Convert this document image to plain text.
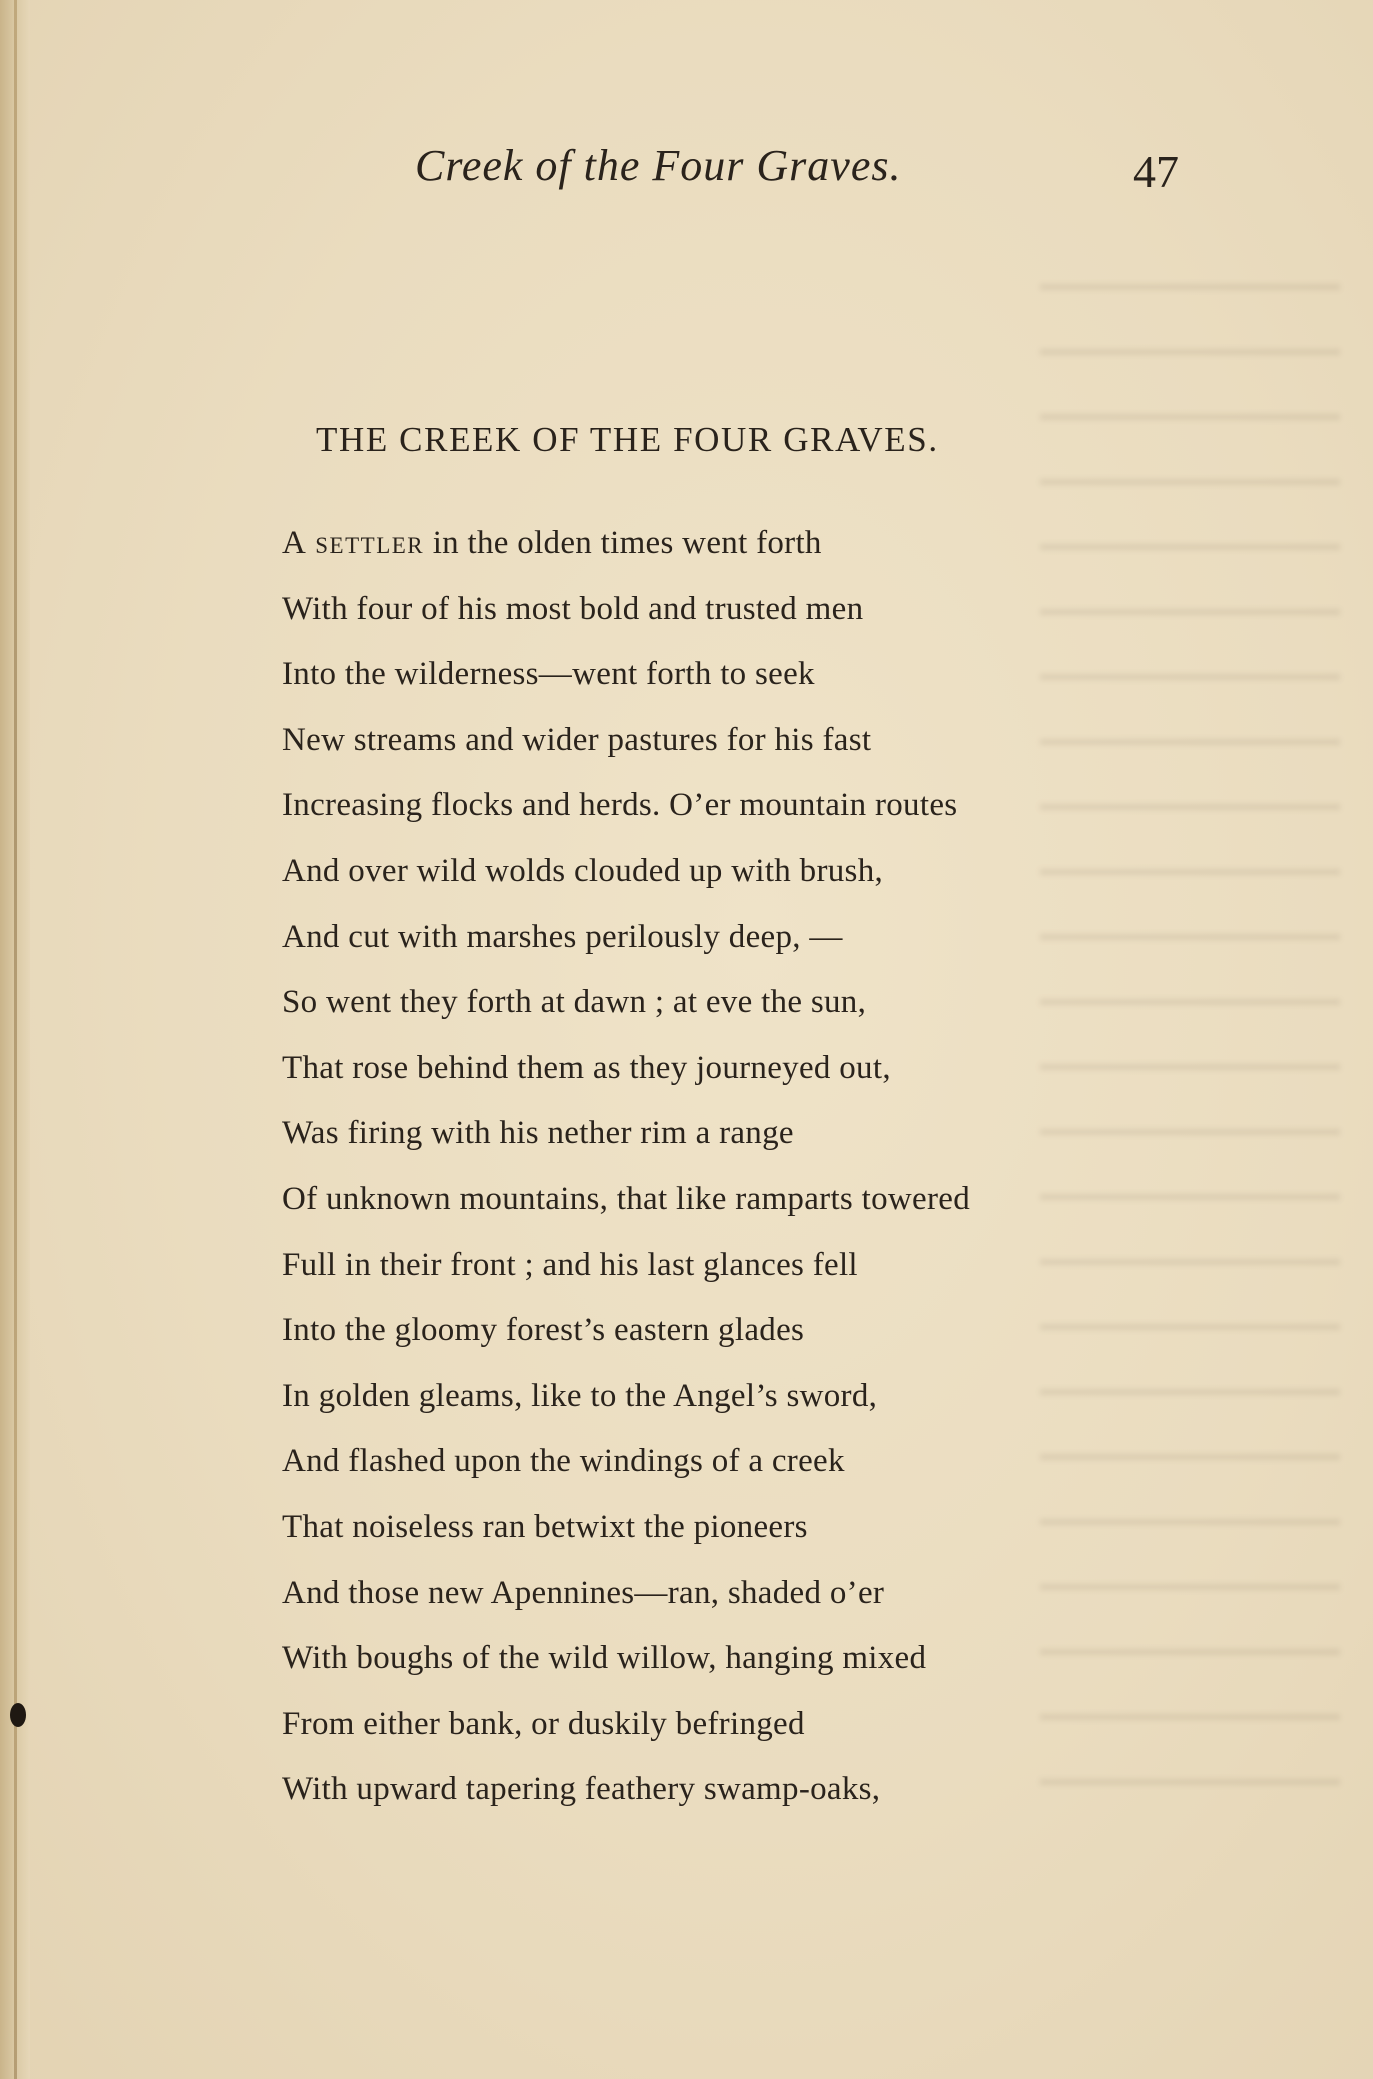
Creek of the Four Graves.	47
THE CREEK OF THE FOUR GRAVES.
A settler in the olden times went forth
With four of his most bold and trusted men
Into the wilderness—went forth to seek
New streams and wider pastures for his fast
Increasing flocks and herds. O’er mountain routes
And over wild wolds clouded up with brush,
And cut with marshes perilously deep, —
So went they forth at dawn ; at eve the sun,
That rose behind them as they journeyed out,
Was firing with his nether rim a range
Of unknown mountains, that like ramparts towered
Full in their front ; and his last glances fell
Into the gloomy forest’s eastern glades
In golden gleams, like to the Angel’s sword,
And flashed upon the windings of a creek
That noiseless ran betwixt the pioneers
And those new Apennines—ran, shaded o’er
With boughs of the wild willow, hanging mixed
From either bank, or duskily befringed
With upward tapering feathery swamp-oaks,
